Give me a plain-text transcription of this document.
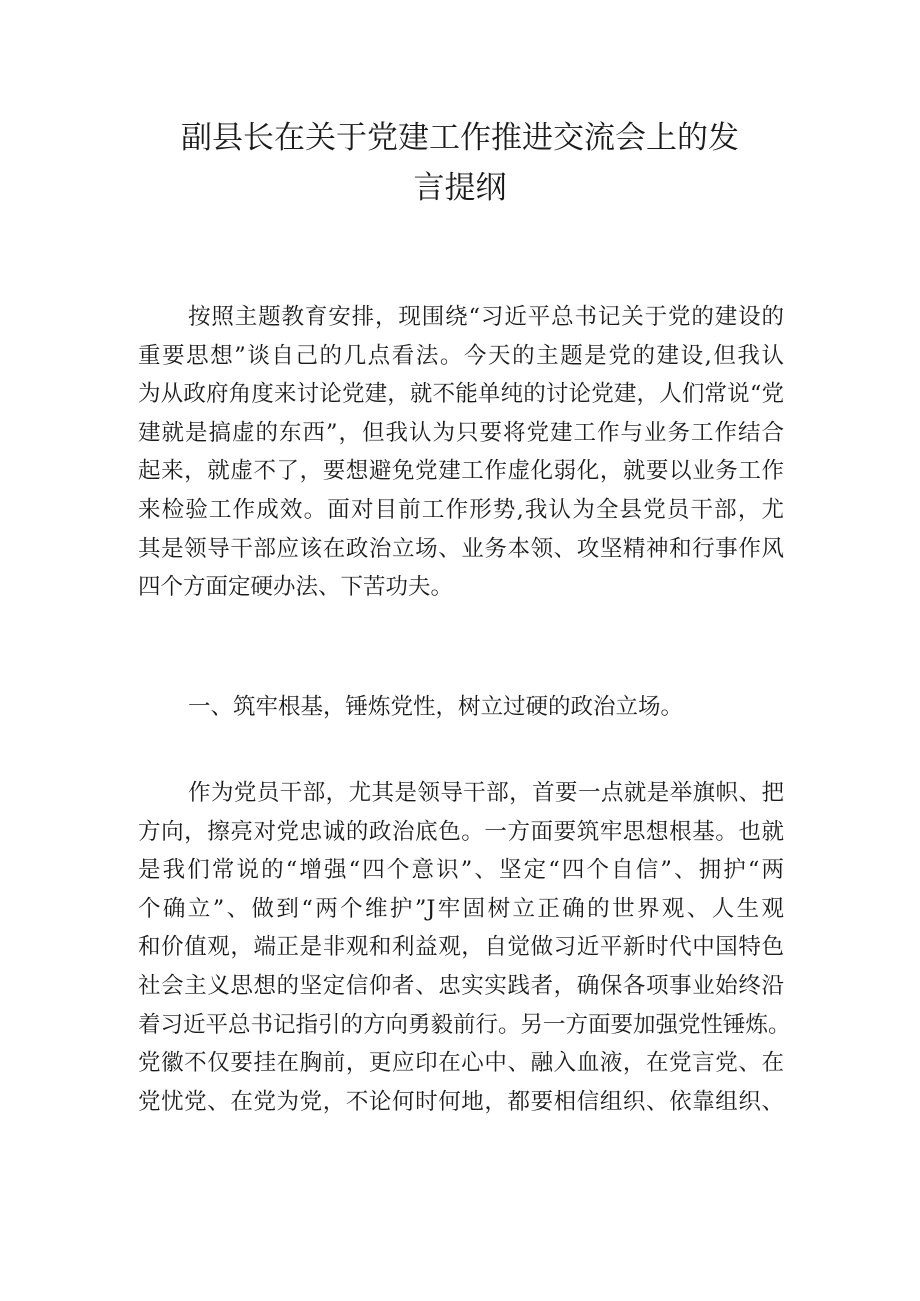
副县长在关于党建工作推进交流会上的发
言提纲
按照主题教育安排，现围绕“习近平总书记关于党的建设的
重要思想”谈自己的几点看法。今天的主题是党的建设,但我认
为从政府角度来讨论党建，就不能单纯的讨论党建，人们常说“党
建就是搞虚的东西”，但我认为只要将党建工作与业务工作结合
起来，就虚不了，要想避免党建工作虚化弱化，就要以业务工作
来检验工作成效。面对目前工作形势,我认为全县党员干部，尤
其是领导干部应该在政治立场、业务本领、攻坚精神和行事作风
四个方面定硬办法、下苦功夫。
一、筑牢根基，锤炼党性，树立过硬的政治立场。
作为党员干部，尤其是领导干部，首要一点就是举旗帜、把
方向，擦亮对党忠诚的政治底色。一方面要筑牢思想根基。也就
是我们常说的“增强“四个意识”、坚定“四个自信”、拥护“两
个确立”、做到“两个维护”J牢固树立正确的世界观、人生观
和价值观，端正是非观和利益观，自觉做习近平新时代中国特色
社会主义思想的坚定信仰者、忠实实践者，确保各项事业始终沿
着习近平总书记指引的方向勇毅前行。另一方面要加强党性锤炼。
党徽不仅要挂在胸前，更应印在心中、融入血液，在党言党、在
党忧党、在党为党，不论何时何地，都要相信组织、依靠组织、
